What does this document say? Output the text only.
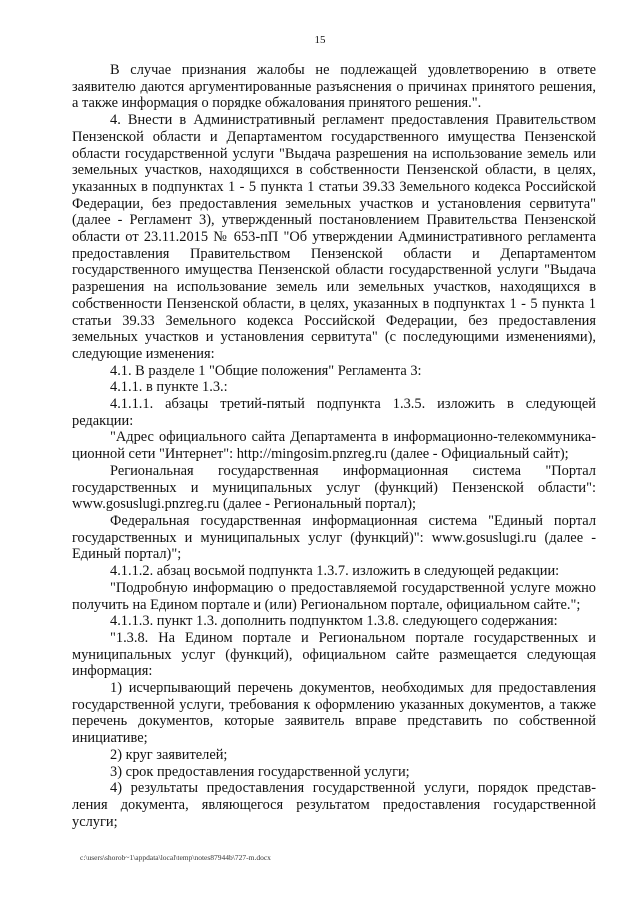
15

В случае признания жалобы не подлежащей удовлетворению в ответе заявителю даются аргументированные разъяснения о причинах принятого решения, а также информация о порядке обжалования принятого решения.".

4. Внести в Административный регламент предоставления Правительством Пензенской области и Департаментом государственного имущества Пензенской области государственной услуги "Выдача разрешения на использование земель или земельных участков, находящихся в собственности Пензенской области, в целях, указанных в подпунктах 1 - 5 пункта 1 статьи 39.33 Земельного кодекса Российской Федерации, без предоставления земельных участков и установления сервитута" (далее - Регламент 3), утвержденный постановлением Правительства Пензенской области от 23.11.2015 № 653-пП "Об утверждении Административного регламента предоставления Правительством Пензенской области и Департаментом государственного имущества Пензенской области государственной услуги "Выдача разрешения на использование земель или земельных участков, находящихся в собственности Пензенской области, в целях, указанных в подпунктах 1 - 5 пункта 1 статьи 39.33 Земельного кодекса Российской Федерации, без предоставления земельных участков и установления сервитута" (с последующими изменениями), следующие изменения:

4.1. В разделе 1 "Общие положения" Регламента 3:

4.1.1. в пункте 1.3.:

4.1.1.1. абзацы третий-пятый подпункта 1.3.5. изложить в следующей редакции:

"Адрес официального сайта Департамента в информационно-телекоммуника-ционной сети "Интернет": http://mingosim.pnzreg.ru (далее - Официальный сайт);

Региональная государственная информационная система "Портал государственных и муниципальных услуг (функций) Пензенской области": www.gosuslugi.pnzreg.ru (далее - Региональный портал);

Федеральная государственная информационная система "Единый портал государственных и муниципальных услуг (функций)": www.gosuslugi.ru (далее - Единый портал)";

4.1.1.2. абзац восьмой подпункта 1.3.7. изложить в следующей редакции:

"Подробную информацию о предоставляемой государственной услуге можно получить на Едином портале и (или) Региональном портале, официальном сайте.";

4.1.1.3. пункт 1.3. дополнить подпунктом 1.3.8. следующего содержания:

"1.3.8. На Едином портале и Региональном портале государственных и муниципальных услуг (функций), официальном сайте размещается следующая информация:

1) исчерпывающий перечень документов, необходимых для предоставления государственной услуги, требования к оформлению указанных документов, а также перечень документов, которые заявитель вправе представить по собственной инициативе;

2) круг заявителей;

3) срок предоставления государственной услуги;

4) результаты предоставления государственной услуги, порядок представ-ления документа, являющегося результатом предоставления государственной услуги;

c:\users\shorob~1\appdata\local\temp\notes87944b\727-m.docx
